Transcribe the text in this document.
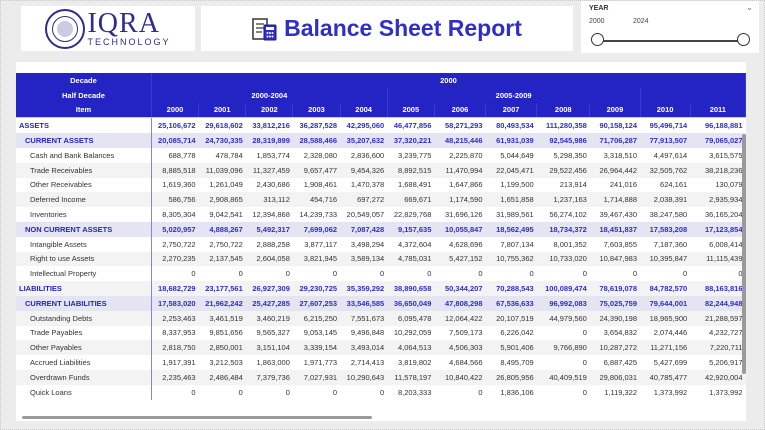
IQRA
TECHNOLOGY
Balance Sheet Report
YEAR	⌄
2000	2024
Decade	2000											
Half Decade	2000-2004					2005-2009						
Item	2000	2001	2002	2003	2004	2005	2006	2007	2008	2009	2010	2011
ASSETS	25,106,672	29,618,602	33,812,216	36,287,528	42,295,060	46,477,856	58,271,293	80,493,534	111,280,358	90,158,124	95,496,714	96,188,881
CURRENT ASSETS	20,085,714	24,730,335	28,319,899	28,588,466	35,207,632	37,320,221	48,215,446	61,931,039	92,545,986	71,706,287	77,913,507	79,065,027
Cash and Bank Balances	688,778	478,784	1,853,774	2,328,080	2,836,600	3,239,775	2,225,870	5,044,649	5,298,350	3,318,510	4,497,614	3,615,575
Trade Receivables	8,885,518	11,039,096	11,327,459	9,657,477	9,454,326	8,892,515	11,470,994	22,045,471	29,522,456	26,964,442	32,505,762	38,218,236
Other Receivables	1,619,360	1,261,049	2,430,686	1,908,461	1,470,378	1,688,491	1,647,866	1,199,500	213,914	241,016	624,161	130,079
Deferred Income	586,756	2,908,865	313,112	454,716	697,272	669,671	1,174,590	1,651,858	1,237,163	1,714,888	2,038,391	2,935,934
Inventories	8,305,304	9,042,541	12,394,868	14,239,733	20,549,057	22,829,768	31,696,126	31,989,561	56,274,102	39,467,430	38,247,580	36,165,204
NON CURRENT ASSETS	5,020,957	4,888,267	5,492,317	7,699,062	7,087,428	9,157,635	10,055,847	18,562,495	18,734,372	18,451,837	17,583,208	17,123,854
Intangible Assets	2,750,722	2,750,722	2,888,258	3,877,117	3,498,294	4,372,604	4,628,696	7,807,134	8,001,352	7,603,855	7,187,360	6,008,414
Right to use Assets	2,270,235	2,137,545	2,604,058	3,821,945	3,589,134	4,785,031	5,427,152	10,755,362	10,733,020	10,847,983	10,395,847	11,115,439
Intellectual Property	0	0	0	0	0	0	0	0	0	0	0	0
LIABILITIES	18,682,729	23,177,561	26,927,309	29,230,725	35,359,292	38,890,658	50,344,207	70,288,543	100,089,474	78,619,078	84,782,570	88,163,816
CURRENT LIABILITIES	17,583,020	21,962,242	25,427,285	27,607,253	33,546,585	36,650,049	47,808,298	67,536,633	96,992,083	75,025,759	79,644,001	82,244,948
Outstanding Debts	2,253,463	3,461,519	3,460,219	6,215,250	7,551,673	6,095,478	12,064,422	20,107,519	44,979,560	24,390,198	18,965,900	21,288,597
Trade Payables	8,337,953	9,851,656	9,565,327	9,053,145	9,496,848	10,292,059	7,509,173	6,226,042	0	3,654,832	2,074,446	4,232,727
Other Payables	2,818,750	2,850,001	3,151,104	3,339,154	3,493,014	4,064,513	4,506,303	5,901,406	9,766,890	10,287,272	11,271,156	7,220,711
Accrued Liabilities	1,917,391	3,212,503	1,863,000	1,971,773	2,714,413	3,819,802	4,684,566	8,495,709	0	6,887,425	5,427,699	5,206,917
Overdrawn Funds	2,235,463	2,486,484	7,379,736	7,027,931	10,290,643	11,578,197	10,840,422	26,805,956	40,409,519	29,806,031	40,785,477	42,920,004
Quick Loans	0	0	0	0	0	8,203,333	0	1,836,106	0	1,119,322	1,373,992	1,373,992
